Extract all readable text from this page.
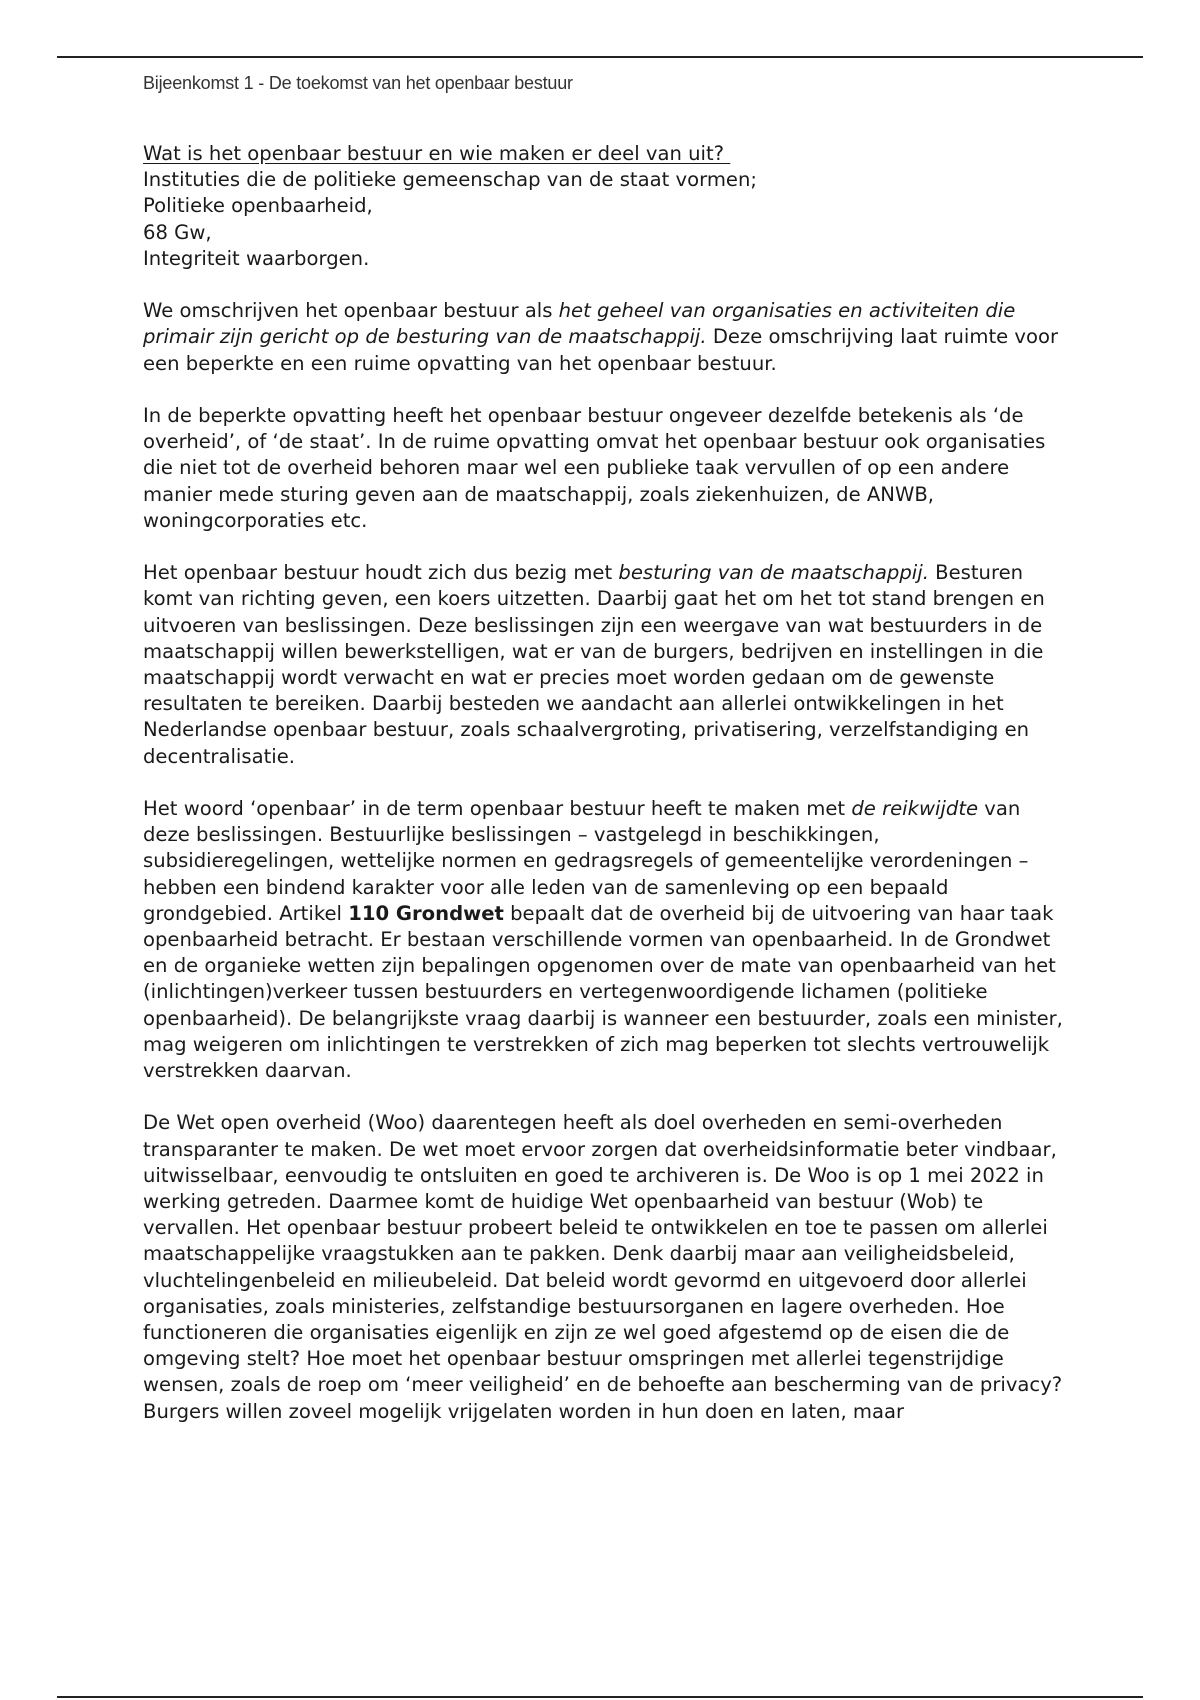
Bijeenkomst 1 - De toekomst van het openbaar bestuur

Wat is het openbaar bestuur en wie maken er deel van uit?
Instituties die de politieke gemeenschap van de staat vormen;
Politieke openbaarheid,
68 Gw,
Integriteit waarborgen.

We omschrijven het openbaar bestuur als het geheel van organisaties en activiteiten die primair zijn gericht op de besturing van de maatschappij. Deze omschrijving laat ruimte voor een beperkte en een ruime opvatting van het openbaar bestuur.

In de beperkte opvatting heeft het openbaar bestuur ongeveer dezelfde betekenis als ‘de overheid’, of ‘de staat’. In de ruime opvatting omvat het openbaar bestuur ook organisaties die niet tot de overheid behoren maar wel een publieke taak vervullen of op een andere manier mede sturing geven aan de maatschappij, zoals ziekenhuizen, de ANWB, woningcorporaties etc.

Het openbaar bestuur houdt zich dus bezig met besturing van de maatschappij. Besturen komt van richting geven, een koers uitzetten. Daarbij gaat het om het tot stand brengen en uitvoeren van beslissingen. Deze beslissingen zijn een weergave van wat bestuurders in de maatschappij willen bewerkstelligen, wat er van de burgers, bedrijven en instellingen in die maatschappij wordt verwacht en wat er precies moet worden gedaan om de gewenste resultaten te bereiken. Daarbij besteden we aandacht aan allerlei ontwikkelingen in het Nederlandse openbaar bestuur, zoals schaalvergroting, privatisering, verzelfstandiging en decentralisatie.

Het woord ‘openbaar’ in de term openbaar bestuur heeft te maken met de reikwijdte van deze beslissingen. Bestuurlijke beslissingen – vastgelegd in beschikkingen, subsidieregelingen, wettelijke normen en gedragsregels of gemeentelijke verordeningen – hebben een bindend karakter voor alle leden van de samenleving op een bepaald grondgebied. Artikel 110 Grondwet bepaalt dat de overheid bij de uitvoering van haar taak openbaarheid betracht. Er bestaan verschillende vormen van openbaarheid. In de Grondwet en de organieke wetten zijn bepalingen opgenomen over de mate van openbaarheid van het (inlichtingen)verkeer tussen bestuurders en vertegenwoordigende lichamen (politieke openbaarheid). De belangrijkste vraag daarbij is wanneer een bestuurder, zoals een minister, mag weigeren om inlichtingen te verstrekken of zich mag beperken tot slechts vertrouwelijk verstrekken daarvan.

De Wet open overheid (Woo) daarentegen heeft als doel overheden en semi-overheden transparanter te maken. De wet moet ervoor zorgen dat overheidsinformatie beter vindbaar, uitwisselbaar, eenvoudig te ontsluiten en goed te archiveren is. De Woo is op 1 mei 2022 in werking getreden. Daarmee komt de huidige Wet openbaarheid van bestuur (Wob) te vervallen. Het openbaar bestuur probeert beleid te ontwikkelen en toe te passen om allerlei maatschappelijke vraagstukken aan te pakken. Denk daarbij maar aan veiligheidsbeleid, vluchtelingenbeleid en milieubeleid. Dat beleid wordt gevormd en uitgevoerd door allerlei organisaties, zoals ministeries, zelfstandige bestuursorganen en lagere overheden. Hoe functioneren die organisaties eigenlijk en zijn ze wel goed afgestemd op de eisen die de omgeving stelt? Hoe moet het openbaar bestuur omspringen met allerlei tegenstrijdige wensen, zoals de roep om ‘meer veiligheid’ en de behoefte aan bescherming van de privacy? Burgers willen zoveel mogelijk vrijgelaten worden in hun doen en laten, maar
